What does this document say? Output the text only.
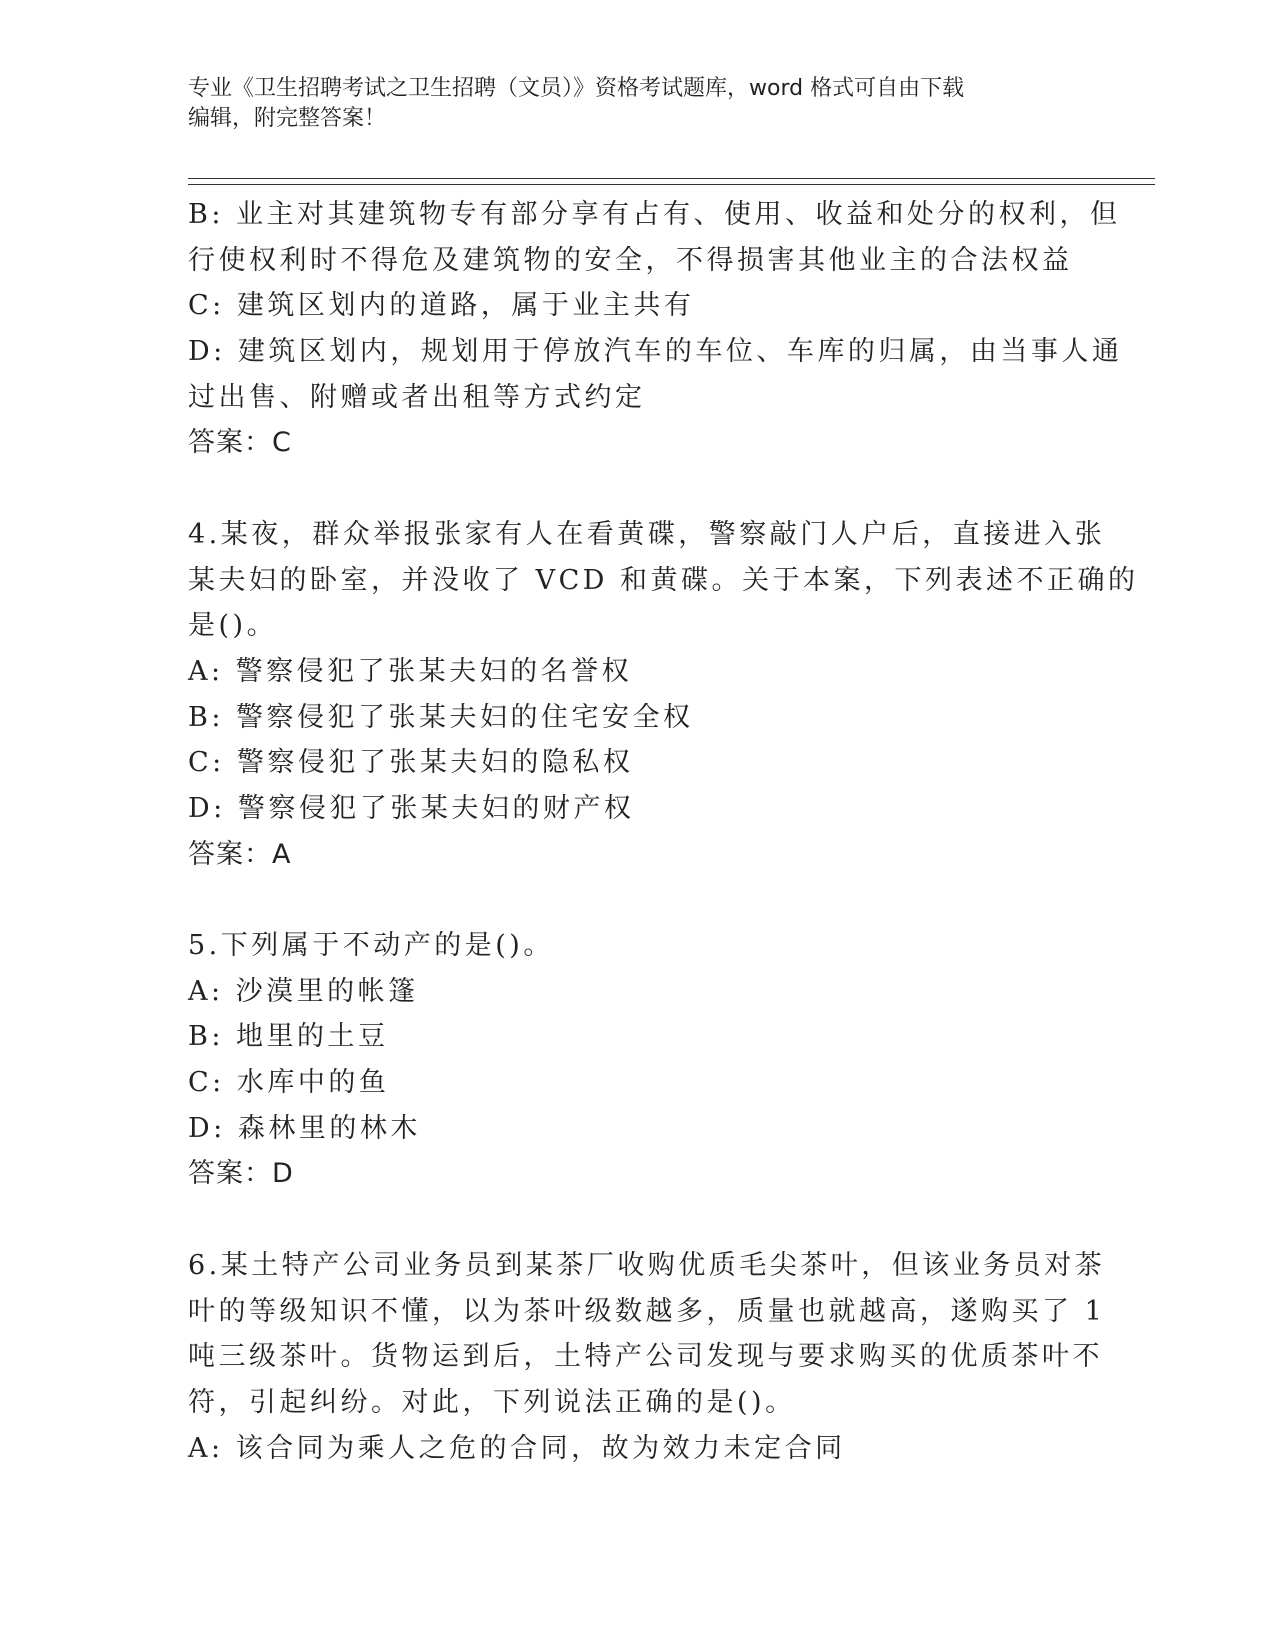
专业《卫生招聘考试之卫生招聘（文员）》资格考试题库，word 格式可自由下载
编辑，附完整答案！
B: 业主对其建筑物专有部分享有占有、使用、收益和处分的权利，但
行使权利时不得危及建筑物的安全，不得损害其他业主的合法权益
C: 建筑区划内的道路，属于业主共有
D: 建筑区划内，规划用于停放汽车的车位、车库的归属，由当事人通
过出售、附赠或者出租等方式约定
答案：C
4.某夜，群众举报张家有人在看黄碟，警察敲门人户后，直接进入张
某夫妇的卧室，并没收了 VCD 和黄碟。关于本案，下列表述不正确的
是()。
A: 警察侵犯了张某夫妇的名誉权
B: 警察侵犯了张某夫妇的住宅安全权
C: 警察侵犯了张某夫妇的隐私权
D: 警察侵犯了张某夫妇的财产权
答案：A
5.下列属于不动产的是()。
A: 沙漠里的帐篷
B: 地里的土豆
C: 水库中的鱼
D: 森林里的林木
答案：D
6.某土特产公司业务员到某茶厂收购优质毛尖茶叶，但该业务员对茶
叶的等级知识不懂，以为茶叶级数越多，质量也就越高，遂购买了 1
吨三级茶叶。货物运到后，土特产公司发现与要求购买的优质茶叶不
符，引起纠纷。对此，下列说法正确的是()。
A: 该合同为乘人之危的合同，故为效力未定合同
